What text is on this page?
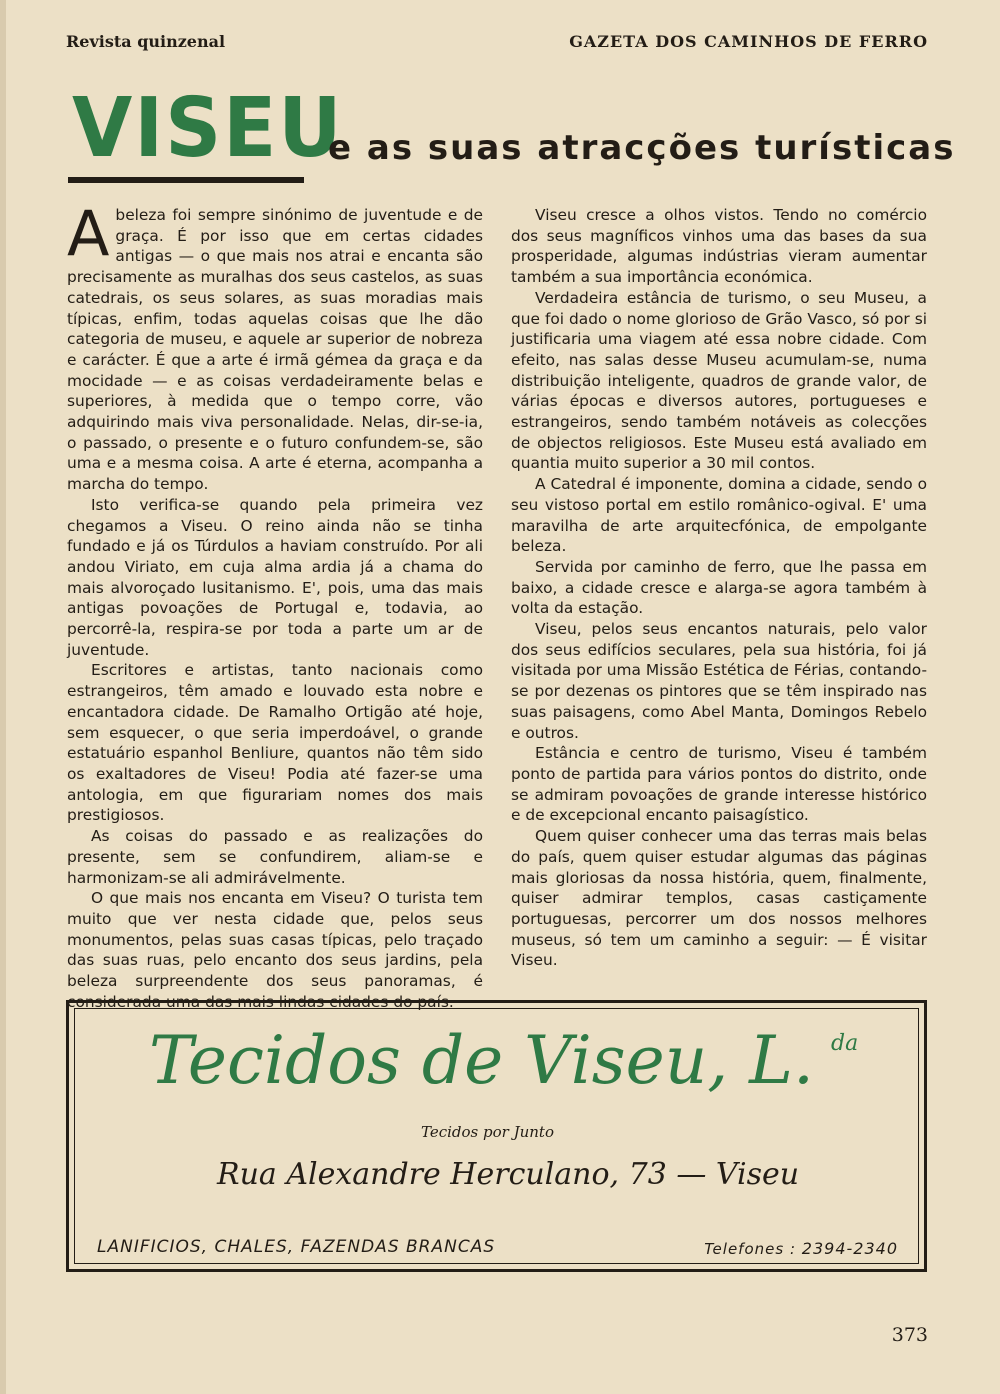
Revista quinzenal	GAZETA DOS CAMINHOS DE FERRO
VISEU
e as suas atracções turísticas

Abeleza foi sempre sinónimo de juventude e de graça. É por isso que em certas cidades antigas — o que mais nos atrai e encanta são precisamente as muralhas dos seus castelos, as suas catedrais, os seus solares, as suas moradias mais típicas, enfim, todas aquelas coisas que lhe dão categoria de museu, e aquele ar superior de nobreza e carácter. É que a arte é irmã gémea da graça e da mocidade — e as coisas verdadeiramente belas e superiores, à medida que o tempo corre, vão adquirindo mais viva personalidade. Nelas, dir-se-ia, o passado, o presente e o futuro confundem-se, são uma e a mesma coisa. A arte é eterna, acompanha a marcha do tempo.

Isto verifica-se quando pela primeira vez chegamos a Viseu. O reino ainda não se tinha fundado e já os Túrdulos a haviam construído. Por ali andou Viriato, em cuja alma ardia já a chama do mais alvoroçado lusitanismo. E', pois, uma das mais antigas povoações de Portugal e, todavia, ao percorrê-la, respira-se por toda a parte um ar de juventude.

Escritores e artistas, tanto nacionais como estrangeiros, têm amado e louvado esta nobre e encantadora cidade. De Ramalho Ortigão até hoje, sem esquecer, o que seria imperdoável, o grande estatuário espanhol Benliure, quantos não têm sido os exaltadores de Viseu! Podia até fazer-se uma antologia, em que figurariam nomes dos mais prestigiosos.

As coisas do passado e as realizações do presente, sem se confundirem, aliam-se e harmonizam-se ali admirávelmente.

O que mais nos encanta em Viseu? O turista tem muito que ver nesta cidade que, pelos seus monumentos, pelas suas casas típicas, pelo traçado das suas ruas, pelo encanto dos seus jardins, pela beleza surpreendente dos seus panoramas, é considerada uma das mais lindas cidades do país.

Viseu cresce a olhos vistos. Tendo no comércio dos seus magníficos vinhos uma das bases da sua prosperidade, algumas indústrias vieram aumentar também a sua importância económica.

Verdadeira estância de turismo, o seu Museu, a que foi dado o nome glorioso de Grão Vasco, só por si justificaria uma viagem até essa nobre cidade. Com efeito, nas salas desse Museu acumulam-se, numa distribuição inteligente, quadros de grande valor, de várias épocas e diversos autores, portugueses e estrangeiros, sendo também notáveis as colecções de objectos religiosos. Este Museu está avaliado em quantia muito superior a 30 mil contos.

A Catedral é imponente, domina a cidade, sendo o seu vistoso portal em estilo românico-ogival. E' uma maravilha de arte arquitecfónica, de empolgante beleza.

Servida por caminho de ferro, que lhe passa em baixo, a cidade cresce e alarga-se agora também à volta da estação.

Viseu, pelos seus encantos naturais, pelo valor dos seus edifícios seculares, pela sua história, foi já visitada por uma Missão Estética de Férias, contando-se por dezenas os pintores que se têm inspirado nas suas paisagens, como Abel Manta, Domingos Rebelo e outros.

Estância e centro de turismo, Viseu é também ponto de partida para vários pontos do distrito, onde se admiram povoações de grande interesse histórico e de excepcional encanto paisagístico.

Quem quiser conhecer uma das terras mais belas do país, quem quiser estudar algumas das páginas mais gloriosas da nossa história, quem, finalmente, quiser admirar templos, casas castiçamente portuguesas, percorrer um dos nossos melhores museus, só tem um caminho a seguir: — É visitar Viseu.

Tecidos de Viseu, L. da
Tecidos por Junto
Rua Alexandre Herculano, 73 — Viseu
LANIFICIOS, CHALES, FAZENDAS BRANCAS	Telefones : 2394-2340
373
